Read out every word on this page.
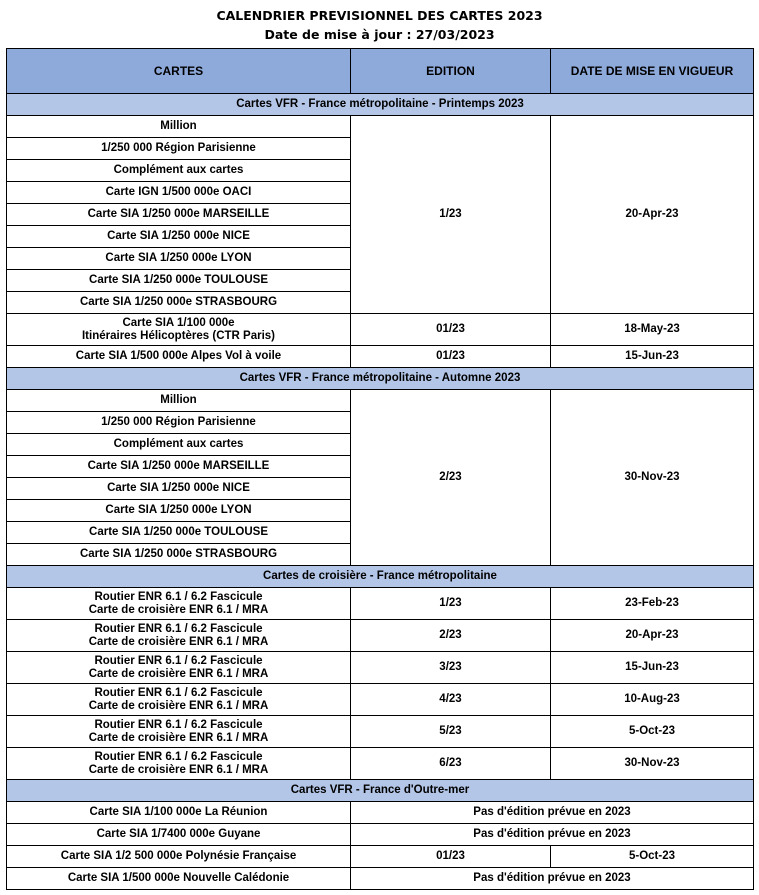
CALENDRIER PREVISIONNEL DES CARTES 2023
Date de mise à jour : 27/03/2023
CARTES	EDITION	DATE DE MISE EN VIGUEUR
Cartes VFR - France métropolitaine - Printemps 2023		
Million	1/23	20-Apr-23
1/250 000 Région Parisienne		
Complément aux cartes		
Carte IGN 1/500 000e OACI		
Carte SIA 1/250 000e MARSEILLE		
Carte SIA 1/250 000e NICE		
Carte SIA 1/250 000e LYON		
Carte SIA 1/250 000e TOULOUSE		
Carte SIA 1/250 000e STRASBOURG		

Carte SIA 1/100 000e
Itinéraires Hélicoptères (CTR Paris)	01/23	18-May-23
Carte SIA 1/500 000e Alpes Vol à voile	01/23	15-Jun-23
Cartes VFR - France métropolitaine - Automne 2023		
Million	2/23	30-Nov-23
1/250 000 Région Parisienne		
Complément aux cartes		
Carte SIA 1/250 000e MARSEILLE		
Carte SIA 1/250 000e NICE		
Carte SIA 1/250 000e LYON		
Carte SIA 1/250 000e TOULOUSE		
Carte SIA 1/250 000e STRASBOURG		
Cartes de croisière - France métropolitaine		

Routier ENR 6.1 / 6.2 Fascicule
Carte de croisière ENR 6.1 / MRA	1/23	23-Feb-23

Routier ENR 6.1 / 6.2 Fascicule
Carte de croisière ENR 6.1 / MRA	2/23	20-Apr-23

Routier ENR 6.1 / 6.2 Fascicule
Carte de croisière ENR 6.1 / MRA	3/23	15-Jun-23

Routier ENR 6.1 / 6.2 Fascicule
Carte de croisière ENR 6.1 / MRA	4/23	10-Aug-23

Routier ENR 6.1 / 6.2 Fascicule
Carte de croisière ENR 6.1 / MRA	5/23	5-Oct-23

Routier ENR 6.1 / 6.2 Fascicule
Carte de croisière ENR 6.1 / MRA	6/23	30-Nov-23
Cartes VFR - France d'Outre-mer		
Carte SIA 1/100 000e La Réunion	Pas d'édition prévue en 2023	
Carte SIA 1/7400 000e Guyane	Pas d'édition prévue en 2023	
Carte SIA 1/2 500 000e Polynésie Française	01/23	5-Oct-23
Carte SIA 1/500 000e Nouvelle Calédonie	Pas d'édition prévue en 2023	
